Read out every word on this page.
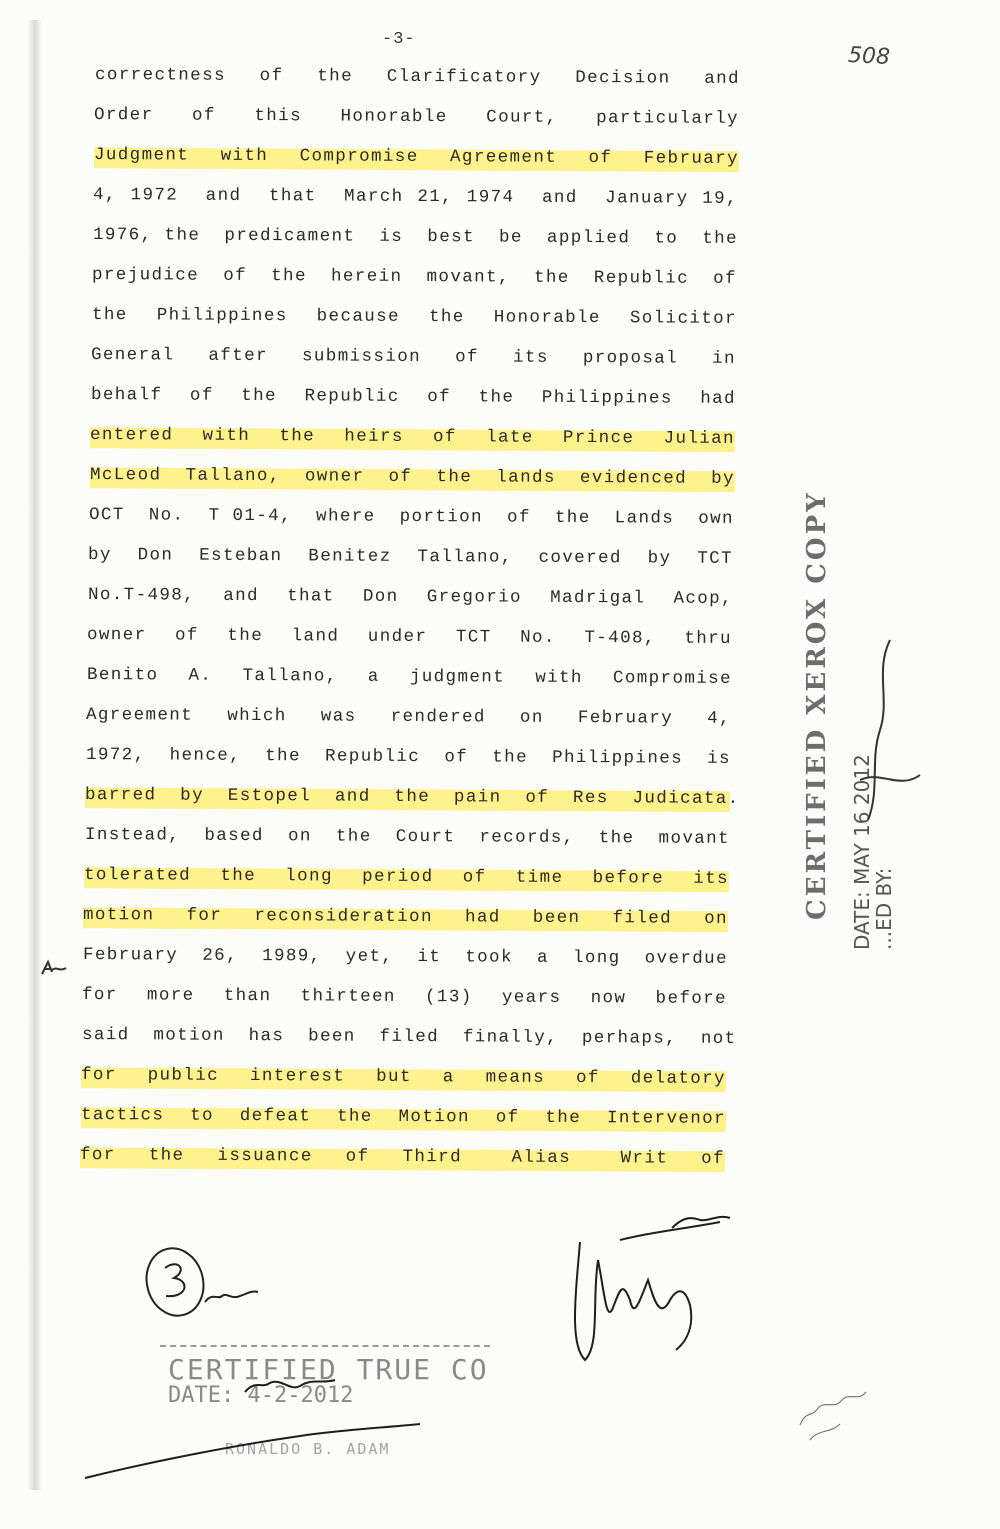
-3-
508
correctness  of  the  Clarificatory  Decision  and
Order  of  this  Honorable  Court,  particularly
Judgment  with  Compromise  Agreement  of  February
4, 1972  and  that  March 21, 1974  and  January 19,
1976, the  predicament  is  best  be  applied  to  the
prejudice  of  the  herein  movant,  the  Republic  of
the  Philippines  because  the  Honorable  Solicitor
General  after  submission  of  its  proposal  in
behalf  of  the  Republic  of  the  Philippines  had
entered  with  the  heirs  of  late  Prince  Julian
McLeod  Tallano,  owner  of  the  lands  evidenced  by
OCT  No.  T 01-4,  where  portion  of  the  Lands  own
by  Don  Esteban  Benitez  Tallano,  covered  by  TCT
No.T-498,  and  that  Don  Gregorio  Madrigal  Acop,
owner  of  the  land  under  TCT  No.  T-408,  thru
Benito  A.  Tallano,  a  judgment  with  Compromise
Agreement  which  was  rendered  on  February  4,
1972,  hence,  the  Republic  of  the  Philippines  is
barred  by  Estopel  and  the  pain  of  Res  Judicata.
Instead,  based  on  the  Court  records,  the  movant
tolerated  the  long  period  of  time  before  its
motion  for  reconsideration  had  been  filed  on
February  26,  1989,  yet,  it  took  a  long  overdue
for  more  than  thirteen  (13)  years  now  before
said  motion  has  been  filed  finally,  perhaps,  not
for  public  interest  but  a  means  of  delatory
tactics  to  defeat  the  Motion  of  the  Intervenor
for  the  issuance  of  Third   Alias   Writ  of
CERTIFIED XEROX COPY DATE: MAY 16 2012
...ED BY:
CERTIFIED TRUE CO
DATE: 4-2-2012
RONALDO B. ADAM
